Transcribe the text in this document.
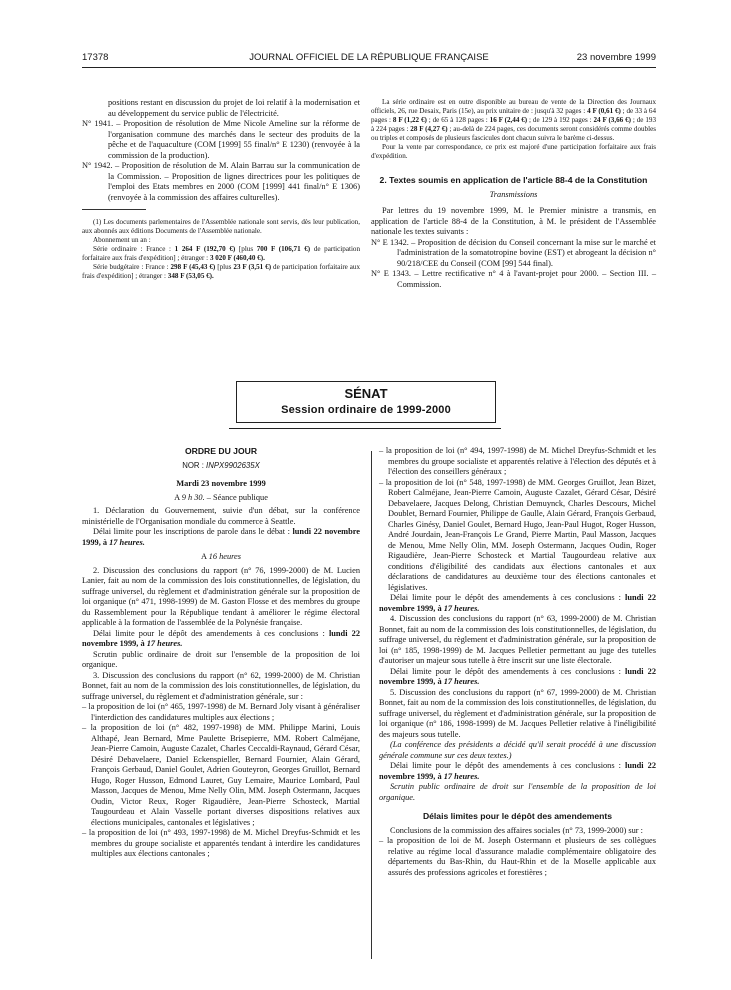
17378	JOURNAL OFFICIEL DE LA RÉPUBLIQUE FRANÇAISE	23 novembre 1999

positions restant en discussion du projet de loi relatif à la modernisation et au développement du service public de l'électricité.

N° 1941. – Proposition de résolution de Mme Nicole Ameline sur la réforme de l'organisation commune des marchés dans le secteur des produits de la pêche et de l'aquaculture (COM [1999] 55 final/n° E 1230) (renvoyée à la commission de la production).

N° 1942. – Proposition de résolution de M. Alain Barrau sur la communication de la Commission. – Proposition de lignes directrices pour les politiques de l'emploi des Etats membres en 2000 (COM [1999] 441 final/n° E 1306) (renvoyée à la commission des affaires culturelles).

(1) Les documents parlementaires de l'Assemblée nationale sont servis, dès leur publication, aux abonnés aux éditions Documents de l'Assemblée nationale.

Abonnement un an :

Série ordinaire : France : 1 264 F (192,70 €) [plus 700 F (106,71 €) de participation forfaitaire aux frais d'expédition] ; étranger : 3 020 F (460,40 €).

Série budgétaire : France : 298 F (45,43 €) [plus 23 F (3,51 €) de participation forfaitaire aux frais d'expédition] ; étranger : 348 F (53,05 €).

La série ordinaire est en outre disponible au bureau de vente de la Direction des Journaux officiels, 26, rue Desaix, Paris (15e), au prix unitaire de : jusqu'à 32 pages : 4 F (0,61 €) ; de 33 à 64 pages : 8 F (1,22 €) ; de 65 à 128 pages : 16 F (2,44 €) ; de 129 à 192 pages : 24 F (3,66 €) ; de 193 à 224 pages : 28 F (4,27 €) ; au-delà de 224 pages, ces documents seront considérés comme doubles ou triples et composés de plusieurs fascicules dont chacun suivra le barème ci-dessus.

Pour la vente par correspondance, ce prix est majoré d'une participation forfaitaire aux frais d'expédition.

2. Textes soumis en application de l'article 88-4 de la Constitution

Transmissions

Par lettres du 19 novembre 1999, M. le Premier ministre a transmis, en application de l'article 88-4 de la Constitution, à M. le président de l'Assemblée nationale les textes suivants :

N° E 1342. – Proposition de décision du Conseil concernant la mise sur le marché et l'administration de la somatotropine bovine (EST) et abrogeant la décision n° 90/218/CEE du Conseil (COM [99] 544 final).

N° E 1343. – Lettre rectificative n° 4 à l'avant-projet pour 2000. – Section III. – Commission.

SÉNAT
Session ordinaire de 1999-2000
ORDRE DU JOUR

NOR : INPX9902635X

Mardi 23 novembre 1999

A 9 h 30. – Séance publique

1. Déclaration du Gouvernement, suivie d'un débat, sur la conférence ministérielle de l'Organisation mondiale du commerce à Seattle.

Délai limite pour les inscriptions de parole dans le débat : lundi 22 novembre 1999, à 17 heures.

A 16 heures

2. Discussion des conclusions du rapport (n° 76, 1999-2000) de M. Lucien Lanier, fait au nom de la commission des lois constitutionnelles, de législation, du suffrage universel, du règlement et d'administration générale sur la proposition de loi organique (n° 471, 1998-1999) de M. Gaston Flosse et des membres du groupe du Rassemblement pour la République tendant à améliorer le régime électoral applicable à la formation de l'assemblée de la Polynésie française.

Délai limite pour le dépôt des amendements à ces conclusions : lundi 22 novembre 1999, à 17 heures.

Scrutin public ordinaire de droit sur l'ensemble de la proposition de loi organique.

3. Discussion des conclusions du rapport (n° 62, 1999-2000) de M. Christian Bonnet, fait au nom de la commission des lois constitutionnelles, de législation, du suffrage universel, du règlement et d'administration générale, sur :

– la proposition de loi (n° 465, 1997-1998) de M. Bernard Joly visant à généraliser l'interdiction des candidatures multiples aux élections ;

– la proposition de loi (n° 482, 1997-1998) de MM. Philippe Marini, Louis Althapé, Jean Bernard, Mme Paulette Brisepierre, MM. Robert Calméjane, Jean-Pierre Camoin, Auguste Cazalet, Charles Ceccaldi-Raynaud, Gérard César, Désiré Debavelaere, Daniel Eckenspieller, Bernard Fournier, Alain Gérard, François Gerbaud, Daniel Goulet, Adrien Gouteyron, Georges Gruillot, Bernard Hugo, Roger Husson, Edmond Lauret, Guy Lemaire, Maurice Lombard, Paul Masson, Jacques de Menou, Mme Nelly Olin, MM. Joseph Ostermann, Jacques Oudin, Victor Reux, Roger Rigaudière, Jean-Pierre Schosteck, Martial Taugourdeau et Alain Vasselle portant diverses dispositions relatives aux élections municipales, cantonales et législatives ;

– la proposition de loi (n° 493, 1997-1998) de M. Michel Dreyfus-Schmidt et les membres du groupe socialiste et apparentés tendant à interdire les candidatures multiples aux élections cantonales ;

– la proposition de loi (n° 494, 1997-1998) de M. Michel Dreyfus-Schmidt et les membres du groupe socialiste et apparentés relative à l'élection des députés et à l'élection des conseillers généraux ;

– la proposition de loi (n° 548, 1997-1998) de MM. Georges Gruillot, Jean Bizet, Robert Calméjane, Jean-Pierre Camoin, Auguste Cazalet, Gérard César, Désiré Debavelaere, Jacques Delong, Christian Demuynck, Charles Descours, Michel Doublet, Bernard Fournier, Philippe de Gaulle, Alain Gérard, François Gerbaud, Charles Ginésy, Daniel Goulet, Bernard Hugo, Jean-Paul Hugot, Roger Husson, André Jourdain, Jean-François Le Grand, Pierre Martin, Paul Masson, Jacques de Menou, Mme Nelly Olin, MM. Joseph Ostermann, Jacques Oudin, Roger Rigaudière, Jean-Pierre Schosteck et Martial Taugourdeau relative aux conditions d'éligibilité des candidats aux élections cantonales et aux déclarations de candidatures au deuxième tour des élections cantonales et législatives.

Délai limite pour le dépôt des amendements à ces conclusions : lundi 22 novembre 1999, à 17 heures.

4. Discussion des conclusions du rapport (n° 63, 1999-2000) de M. Christian Bonnet, fait au nom de la commission des lois constitutionnelles, de législation, du suffrage universel, du règlement et d'administration générale, sur la proposition de loi (n° 185, 1998-1999) de M. Jacques Pelletier permettant au juge des tutelles d'autoriser un majeur sous tutelle à être inscrit sur une liste électorale.

Délai limite pour le dépôt des amendements à ces conclusions : lundi 22 novembre 1999, à 17 heures.

5. Discussion des conclusions du rapport (n° 67, 1999-2000) de M. Christian Bonnet, fait au nom de la commission des lois constitutionnelles, de législation, du suffrage universel, du règlement et d'administration générale, sur la proposition de loi organique (n° 186, 1998-1999) de M. Jacques Pelletier relative à l'inéligibilité des majeurs sous tutelle.

(La conférence des présidents a décidé qu'il serait procédé à une discussion générale commune sur ces deux textes.)

Délai limite pour le dépôt des amendements à ces conclusions : lundi 22 novembre 1999, à 17 heures.

Scrutin public ordinaire de droit sur l'ensemble de la proposition de loi organique.

Délais limites pour le dépôt des amendements

Conclusions de la commission des affaires sociales (n° 73, 1999-2000) sur :

– la proposition de loi de M. Joseph Ostermann et plusieurs de ses collègues relative au régime local d'assurance maladie complémentaire obligatoire des départements du Bas-Rhin, du Haut-Rhin et de la Moselle applicable aux assurés des professions agricoles et forestières ;
